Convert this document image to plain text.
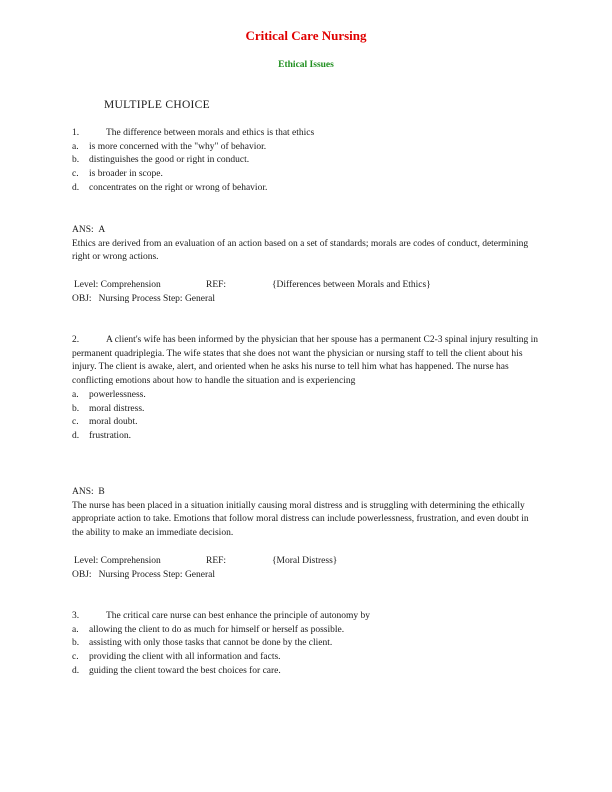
Critical Care Nursing
Ethical Issues
MULTIPLE CHOICE
1.	The difference between morals and ethics is that ethics
a. is more concerned with the "why" of behavior.
b. distinguishes the good or right in conduct.
c. is broader in scope.
d. concentrates on the right or wrong of behavior.
ANS: A
Ethics are derived from an evaluation of an action based on a set of standards; morals are codes of conduct, determining right or wrong actions.
Level: Comprehension	REF:	{Differences between Morals and Ethics}
OBJ:   Nursing Process Step: General
2.	A client's wife has been informed by the physician that her spouse has a permanent C2-3 spinal injury resulting in permanent quadriplegia. The wife states that she does not want the physician or nursing staff to tell the client about his injury. The client is awake, alert, and oriented when he asks his nurse to tell him what has happened. The nurse has conflicting emotions about how to handle the situation and is experiencing
a. powerlessness.
b. moral distress.
c. moral doubt.
d. frustration.
ANS: B
The nurse has been placed in a situation initially causing moral distress and is struggling with determining the ethically appropriate action to take. Emotions that follow moral distress can include powerlessness, frustration, and even doubt in the ability to make an immediate decision.
Level: Comprehension	REF:	{Moral Distress}
OBJ:   Nursing Process Step: General
3.	The critical care nurse can best enhance the principle of autonomy by
a. allowing the client to do as much for himself or herself as possible.
b. assisting with only those tasks that cannot be done by the client.
c. providing the client with all information and facts.
d. guiding the client toward the best choices for care.
